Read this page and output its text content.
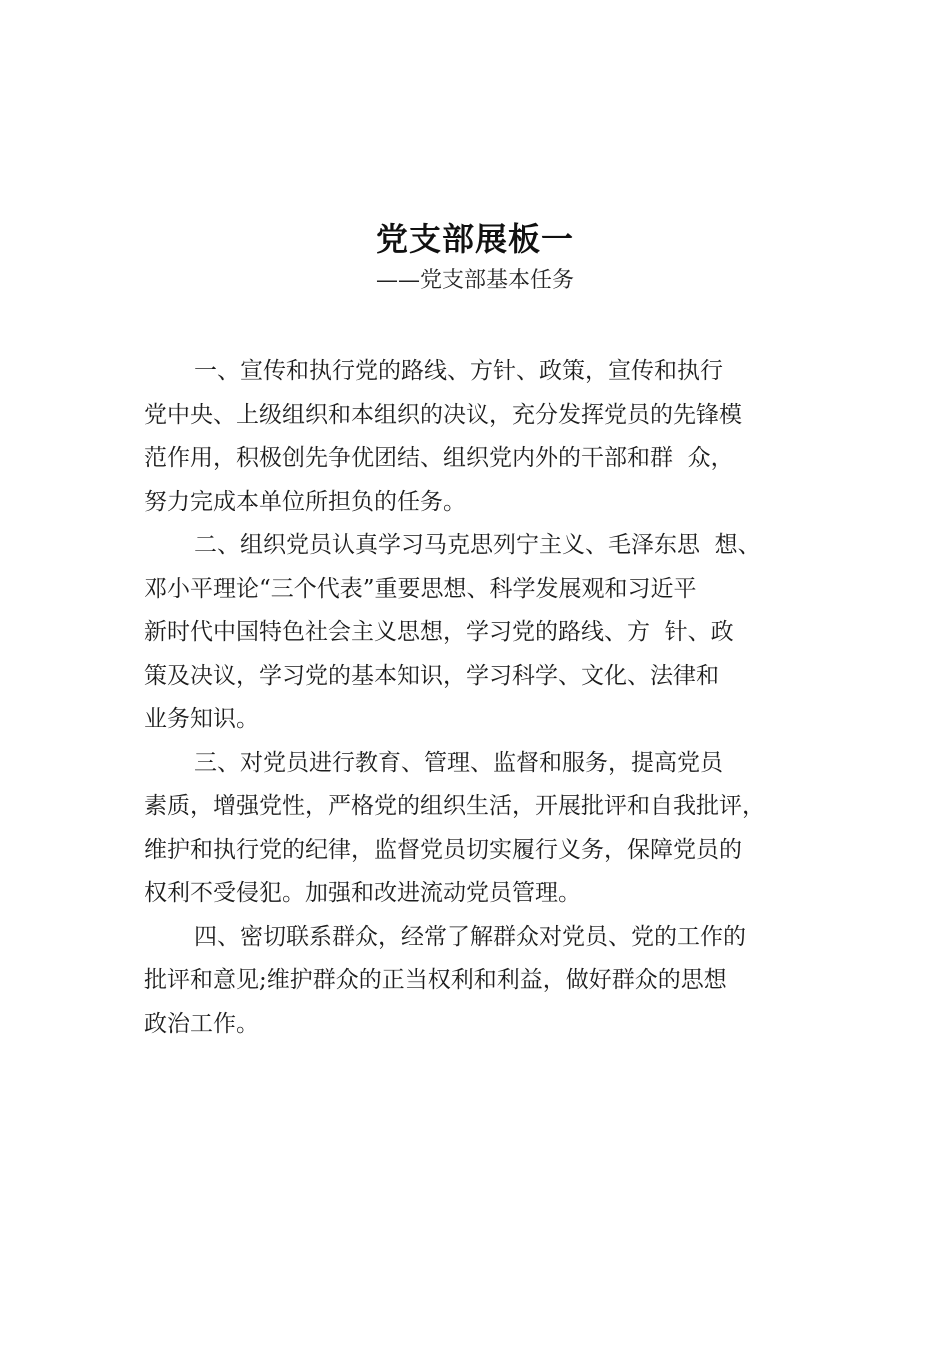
党支部展板一
——党支部基本任务
一、宣传和执行党的路线、方针、政策，宣传和执行
党中央、上级组织和本组织的决议，充分发挥党员的先锋模
范作用，积极创先争优团结、组织党内外的干部和群  众，
努力完成本单位所担负的任务。
二、组织党员认真学习马克思列宁主义、毛泽东思  想、
邓小平理论“三个代表”重要思想、科学发展观和习近平
新时代中国特色社会主义思想，学习党的路线、方  针、政
策及决议，学习党的基本知识，学习科学、文化、法律和
业务知识。
三、对党员进行教育、管理、监督和服务，提高党员
素质，增强党性，严格党的组织生活，开展批评和自我批评，
维护和执行党的纪律，监督党员切实履行义务，保障党员的
权利不受侵犯。加强和改进流动党员管理。
四、密切联系群众，经常了解群众对党员、党的工作的
批评和意见;维护群众的正当权利和利益，做好群众的思想
政治工作。
